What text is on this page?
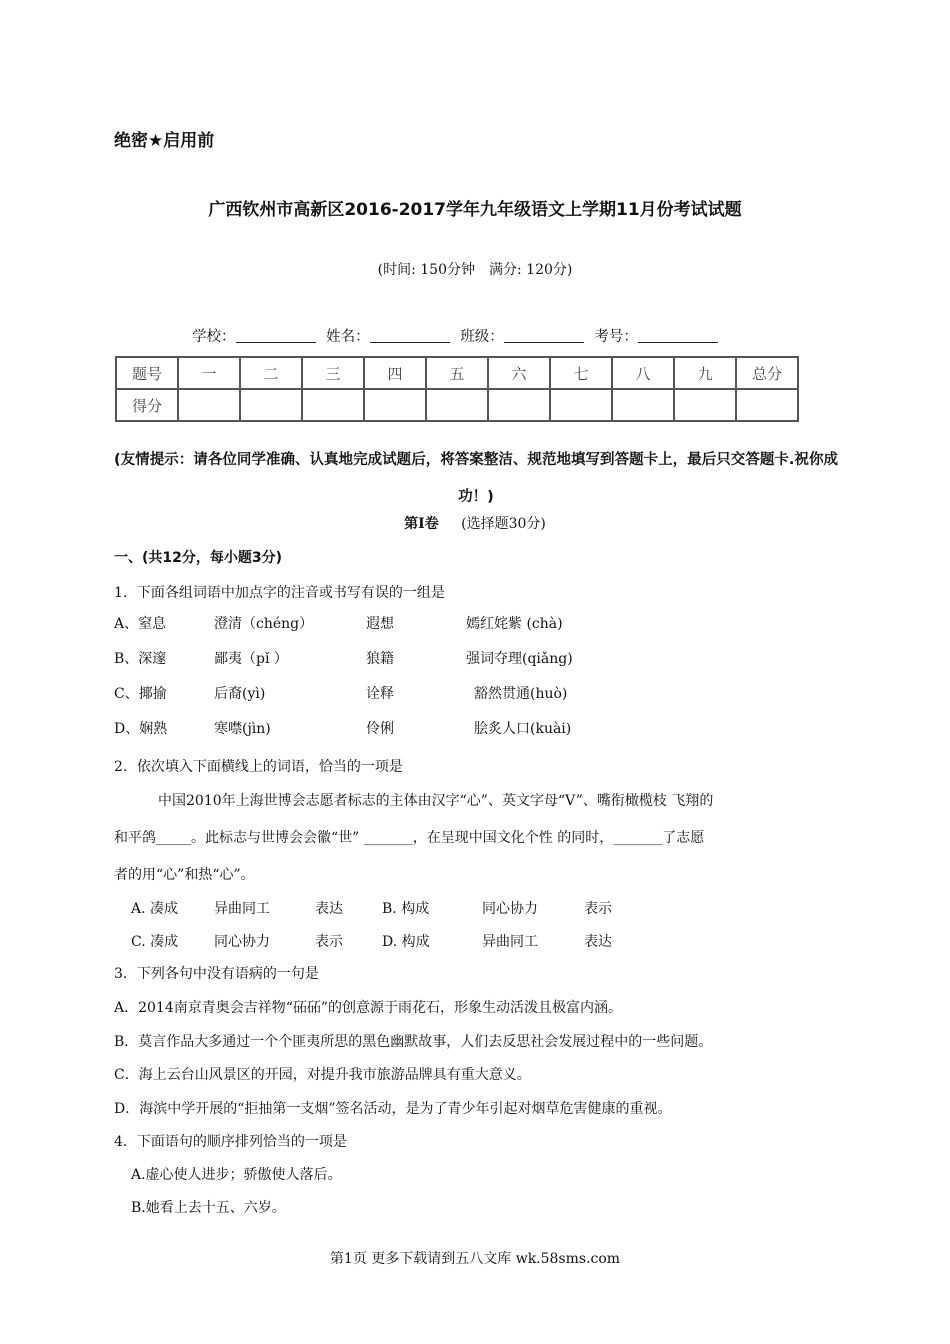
绝密★启用前
广西钦州市高新区2016-2017学年九年级语文上学期11月份考试试题
(时间: 150分钟　满分: 120分)
学校：	姓名：	班级：	考号：
题号	一	二	三	四	五	六	七	八	九	总分
得分										
(友情提示：请各位同学准确、认真地完成试题后，将答案整洁、规范地填写到答题卡上，最后只交答题卡.祝你成功！)
第Ⅰ卷 (选择题30分)
一、(共12分，每小题3分)
1．下面各组词语中加点字的注音或书写有误的一组是
A、窒息	澄清（chéng）	遐想	嫣红姹紫 (chà)
B、深邃	鄙夷（pǐ ）	狼籍	强词夺理(qiǎng)
C、揶揄	后裔(yì)	诠释	豁然贯通(huò)
D、娴熟	寒噤(jìn)	伶俐	脍炙人口(kuài)
2．依次填入下面横线上的词语，恰当的一项是
中国2010年上海世博会志愿者标志的主体由汉字“心”、英文字母“V”、嘴衔橄榄枝 飞翔的
和平鸽_____。此标志与世博会会徽“世” _______，在呈现中国文化个性 的同时，_______了志愿
者的用“心”和热“心”。
A. 凑成	异曲同工	表达	B. 构成	同心协力	表示
C. 凑成	同心协力	表示	D. 构成	异曲同工	表达
3．下列各句中没有语病的一句是
A．2014南京青奥会吉祥物“砳砳”的创意源于雨花石，形象生动活泼且极富内涵。
B．莫言作品大多通过一个个匪夷所思的黑色幽默故事，人们去反思社会发展过程中的一些问题。
C．海上云台山风景区的开园，对提升我市旅游品牌具有重大意义。
D．海滨中学开展的“拒抽第一支烟”签名活动，是为了青少年引起对烟草危害健康的重视。
4．下面语句的顺序排列恰当的一项是
A.虚心使人进步；骄傲使人落后。
B.她看上去十五、六岁。
第1页 更多下载请到五八文库 wk.58sms.com
